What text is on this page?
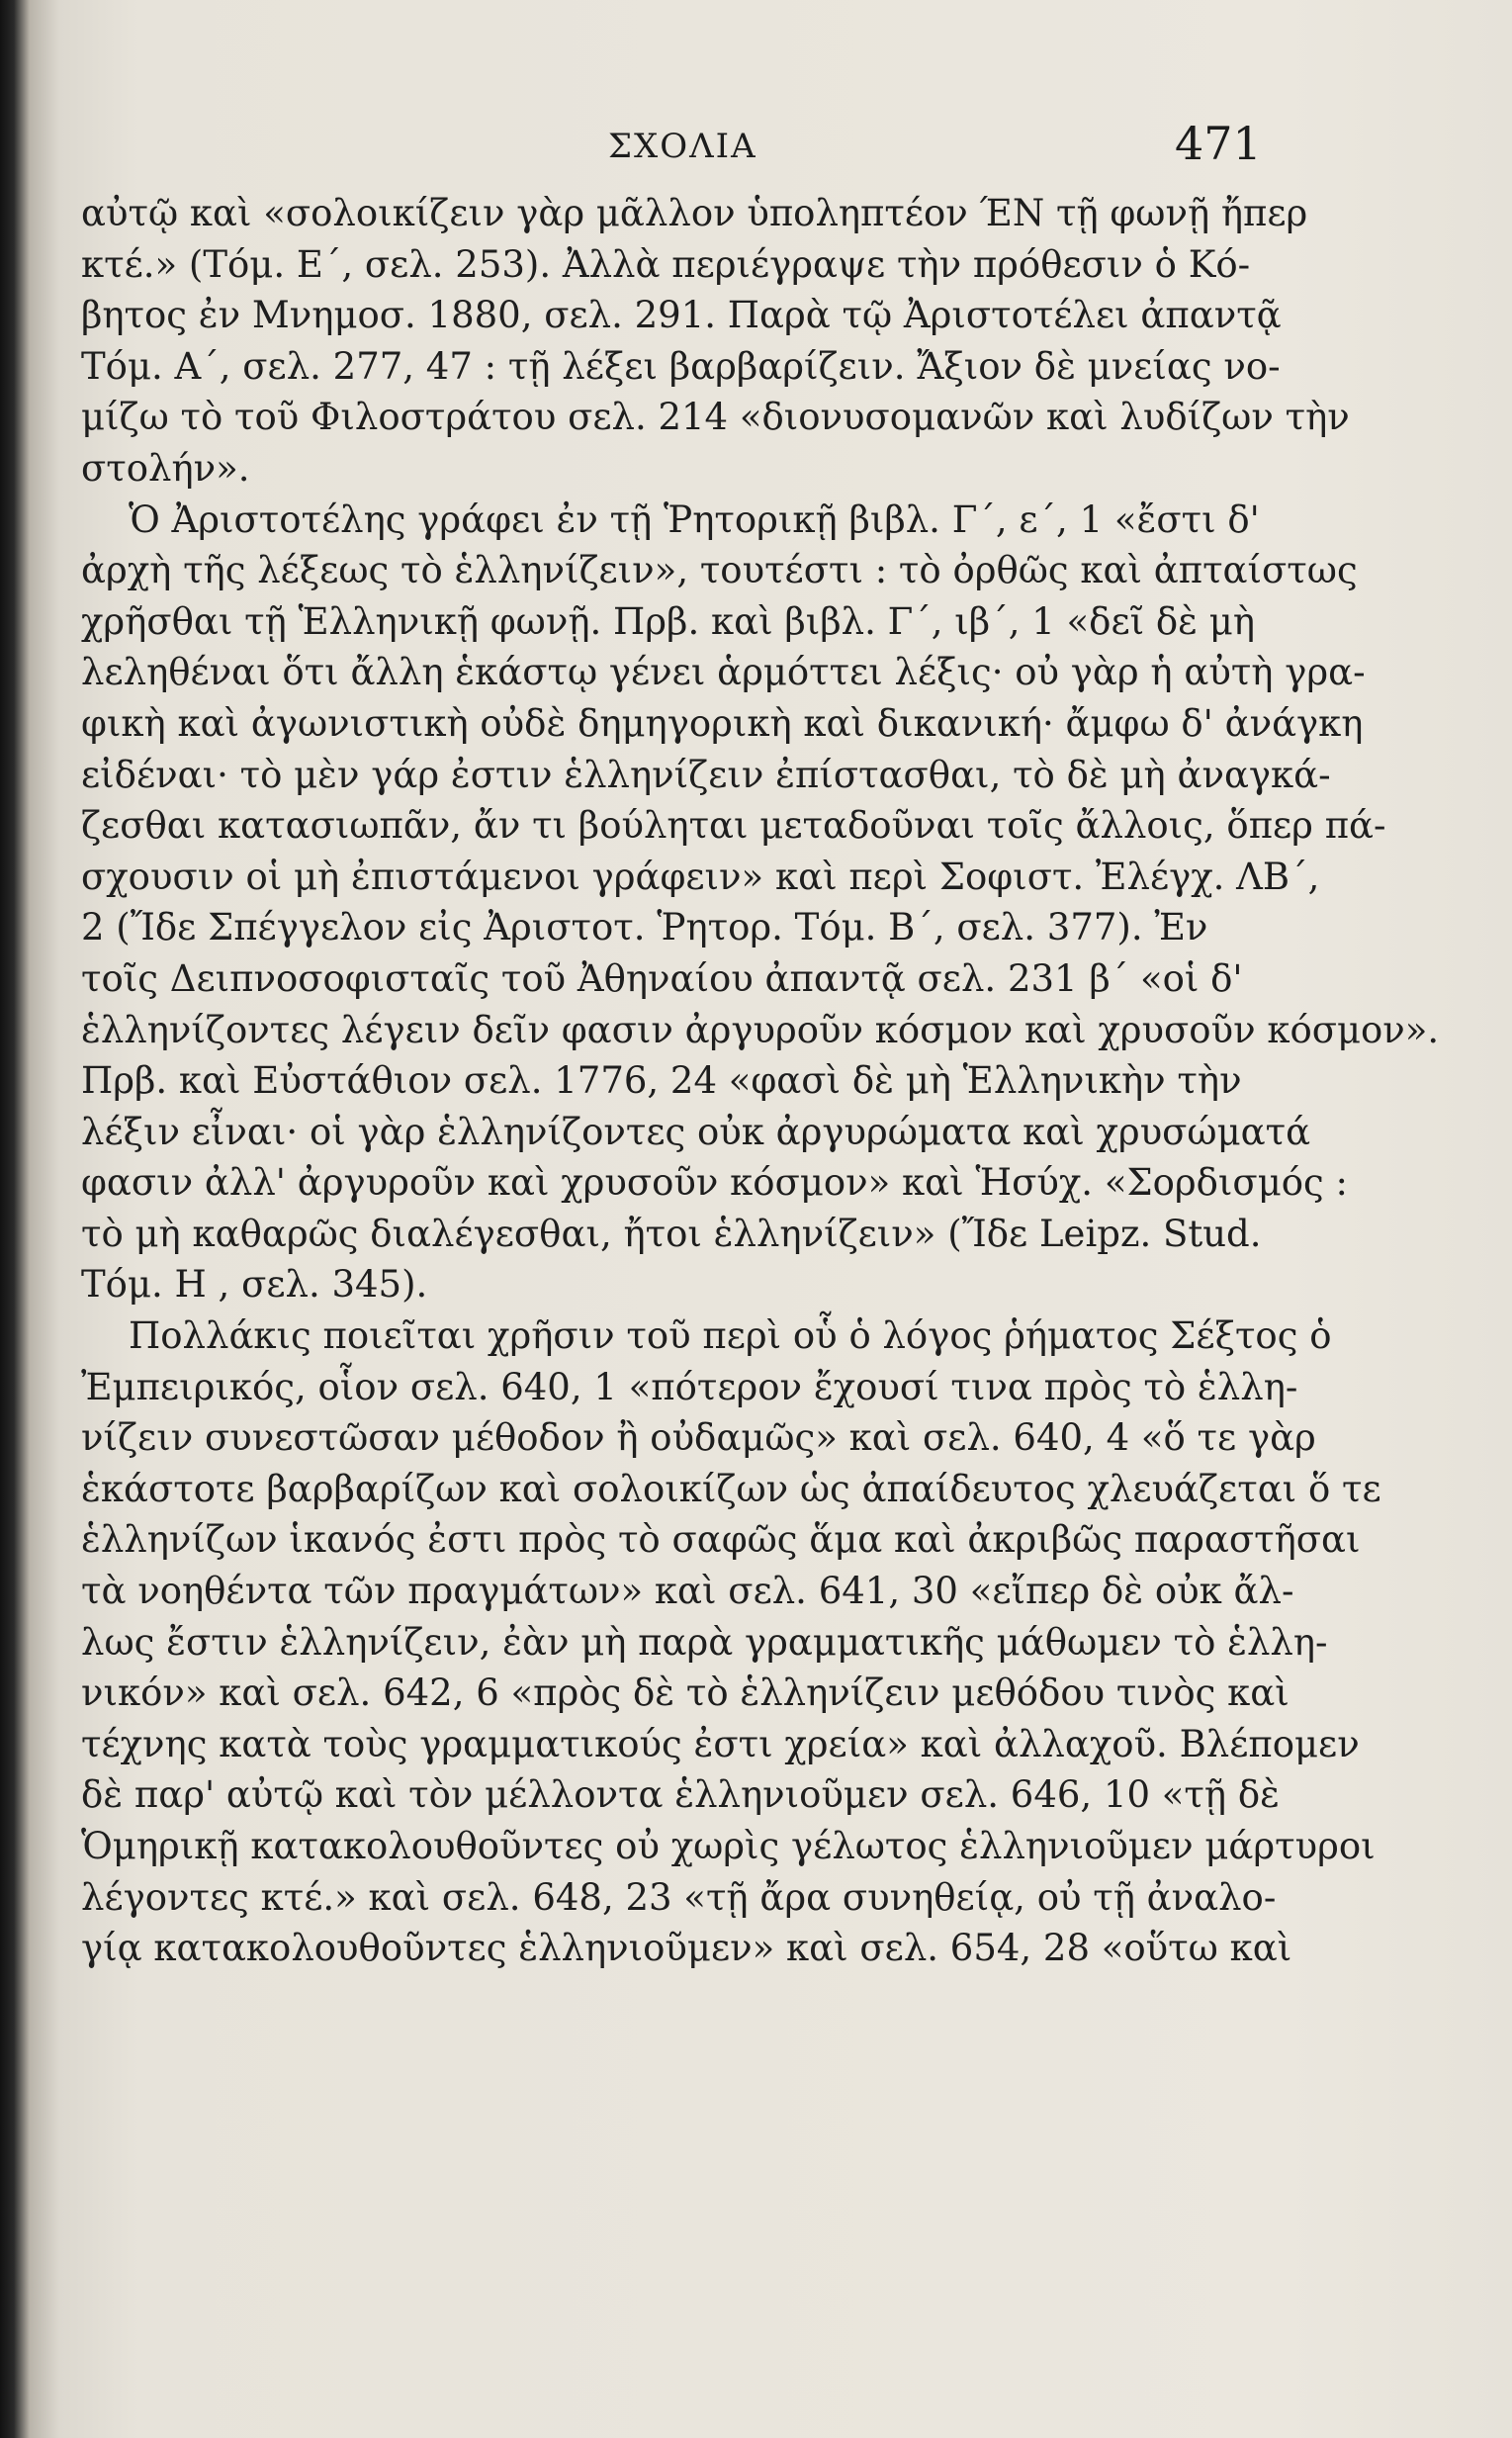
ΣΧΟΛΙΑ	471
αὐτῷ καὶ «σολοικίζειν γὰρ μᾶλλον ὑποληπτέον ΈΝ τῇ φωνῇ ἤπερ
κτέ.» (Τόμ. Ε΄, σελ. 253). Ἀλλὰ περιέγραψε τὴν πρόθεσιν ὁ Κό-
βητος ἐν Μνημοσ. 1880, σελ. 291. Παρὰ τῷ Ἀριστοτέλει ἀπαντᾷ
Τόμ. Α΄, σελ. 277, 47 : τῇ λέξει βαρβαρίζειν. Ἄξιον δὲ μνείας νο-
μίζω τὸ τοῦ Φιλοστράτου σελ. 214 «διονυσομανῶν καὶ λυδίζων τὴν
στολήν».
Ὁ Ἀριστοτέλης γράφει ἐν τῇ Ῥητορικῇ βιβλ. Γ΄, ε΄, 1 «ἔστι δ'
ἀρχὴ τῆς λέξεως τὸ ἑλληνίζειν», τουτέστι : τὸ ὀρθῶς καὶ ἀπταίστως
χρῆσθαι τῇ Ἑλληνικῇ φωνῇ. Πρβ. καὶ βιβλ. Γ΄, ιβ΄, 1 «δεῖ δὲ μὴ
λεληθέναι ὅτι ἄλλη ἑκάστῳ γένει ἁρμόττει λέξις· οὐ γὰρ ἡ αὐτὴ γρα-
φικὴ καὶ ἀγωνιστικὴ οὐδὲ δημηγορικὴ καὶ δικανική· ἄμφω δ' ἀνάγκη
εἰδέναι· τὸ μὲν γάρ ἐστιν ἑλληνίζειν ἐπίστασθαι, τὸ δὲ μὴ ἀναγκά-
ζεσθαι κατασιωπᾶν, ἄν τι βούληται μεταδοῦναι τοῖς ἄλλοις, ὅπερ πά-
σχουσιν οἱ μὴ ἐπιστάμενοι γράφειν» καὶ περὶ Σοφιστ. Ἐλέγχ. ΛΒ΄,
2 (Ἴδε Σπέγγελον εἰς Ἀριστοτ. Ῥητορ. Τόμ. Β΄, σελ. 377). Ἐν
τοῖς Δειπνοσοφισταῖς τοῦ Ἀθηναίου ἀπαντᾷ σελ. 231 β΄ «οἱ δ'
ἑλληνίζοντες λέγειν δεῖν φασιν ἀργυροῦν κόσμον καὶ χρυσοῦν κόσμον».
Πρβ. καὶ Εὐστάθιον σελ. 1776, 24 «φασὶ δὲ μὴ Ἑλληνικὴν τὴν
λέξιν εἶναι· οἱ γὰρ ἑλληνίζοντες οὐκ ἀργυρώματα καὶ χρυσώματά
φασιν ἀλλ' ἀργυροῦν καὶ χρυσοῦν κόσμον» καὶ Ἡσύχ. «Σορδισμός :
τὸ μὴ καθαρῶς διαλέγεσθαι, ἤτοι ἑλληνίζειν» (Ἴδε Leipz. Stud.
Τόμ. Η , σελ. 345).
Πολλάκις ποιεῖται χρῆσιν τοῦ περὶ οὗ ὁ λόγος ῥήματος Σέξτος ὁ
Ἐμπειρικός, οἷον σελ. 640, 1 «πότερον ἔχουσί τινα πρὸς τὸ ἑλλη-
νίζειν συνεστῶσαν μέθοδον ἢ οὐδαμῶς» καὶ σελ. 640, 4 «ὅ τε γὰρ
ἑκάστοτε βαρβαρίζων καὶ σολοικίζων ὡς ἀπαίδευτος χλευάζεται ὅ τε
ἑλληνίζων ἱκανός ἐστι πρὸς τὸ σαφῶς ἅμα καὶ ἀκριβῶς παραστῆσαι
τὰ νοηθέντα τῶν πραγμάτων» καὶ σελ. 641, 30 «εἴπερ δὲ οὐκ ἄλ-
λως ἔστιν ἑλληνίζειν, ἐὰν μὴ παρὰ γραμματικῆς μάθωμεν τὸ ἑλλη-
νικόν» καὶ σελ. 642, 6 «πρὸς δὲ τὸ ἑλληνίζειν μεθόδου τινὸς καὶ
τέχνης κατὰ τοὺς γραμματικούς ἐστι χρεία» καὶ ἀλλαχοῦ. Βλέπομεν
δὲ παρ' αὐτῷ καὶ τὸν μέλλοντα ἑλληνιοῦμεν σελ. 646, 10 «τῇ δὲ
Ὁμηρικῇ κατακολουθοῦντες οὐ χωρὶς γέλωτος ἑλληνιοῦμεν μάρτυροι
λέγοντες κτέ.» καὶ σελ. 648, 23 «τῇ ἄρα συνηθείᾳ, οὐ τῇ ἀναλο-
γίᾳ κατακολουθοῦντες ἑλληνιοῦμεν» καὶ σελ. 654, 28 «οὕτω καὶ
